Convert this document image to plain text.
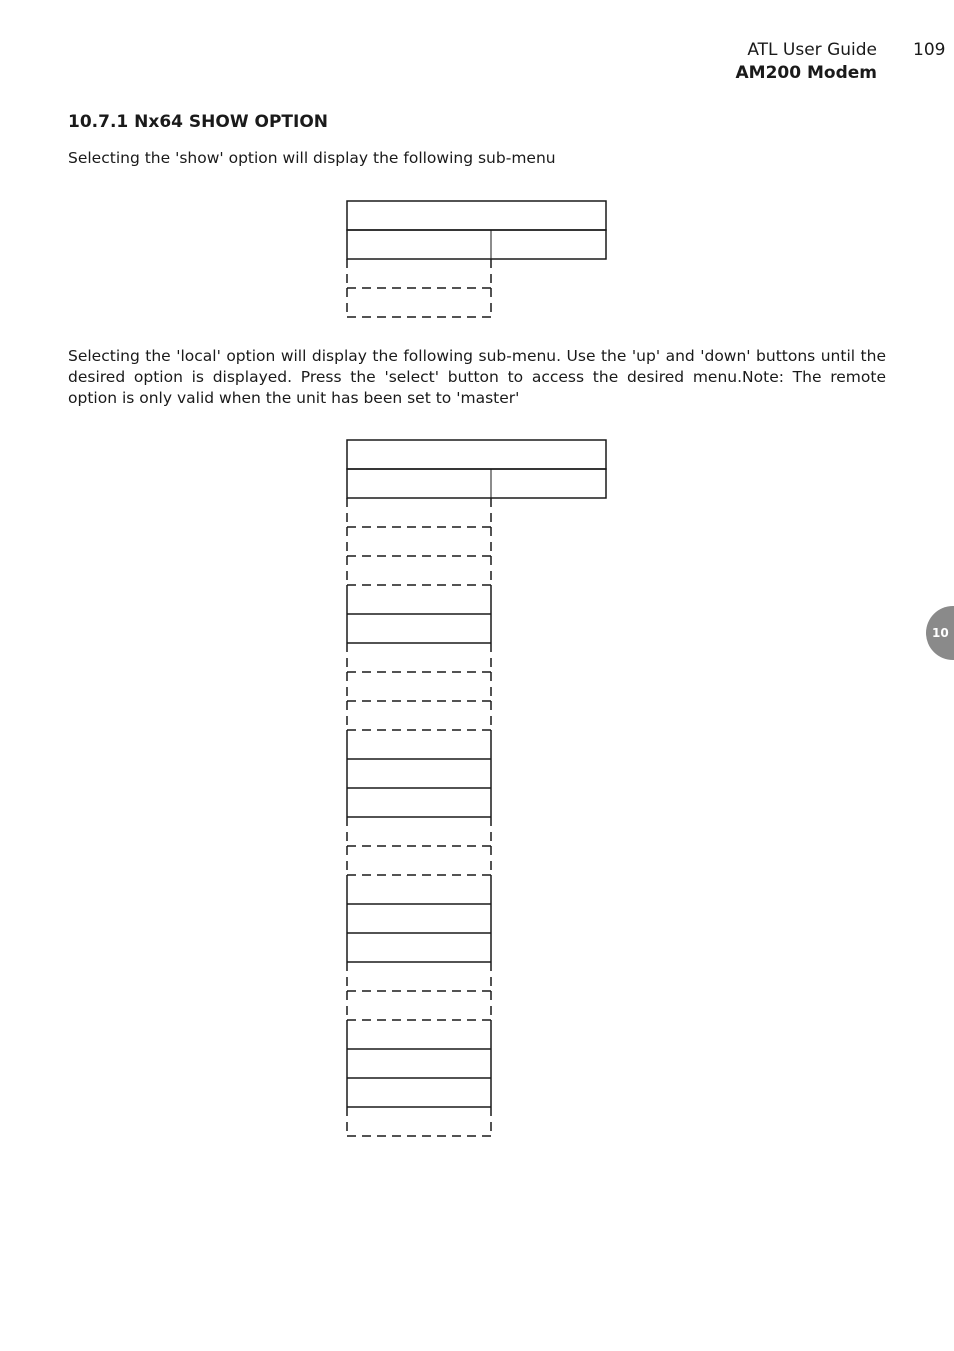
ATL User Guide
AM200 Modem
109
10.7.1 Nx64 SHOW OPTION

Selecting the 'show' option will display the following sub-menu

Selecting the 'local' option will display the following sub-menu. Use the 'up' and 'down' buttons until the desired option is displayed. Press the 'select' button to access the desired menu.Note: The remote option is only valid when the unit has been set to 'master'

10
